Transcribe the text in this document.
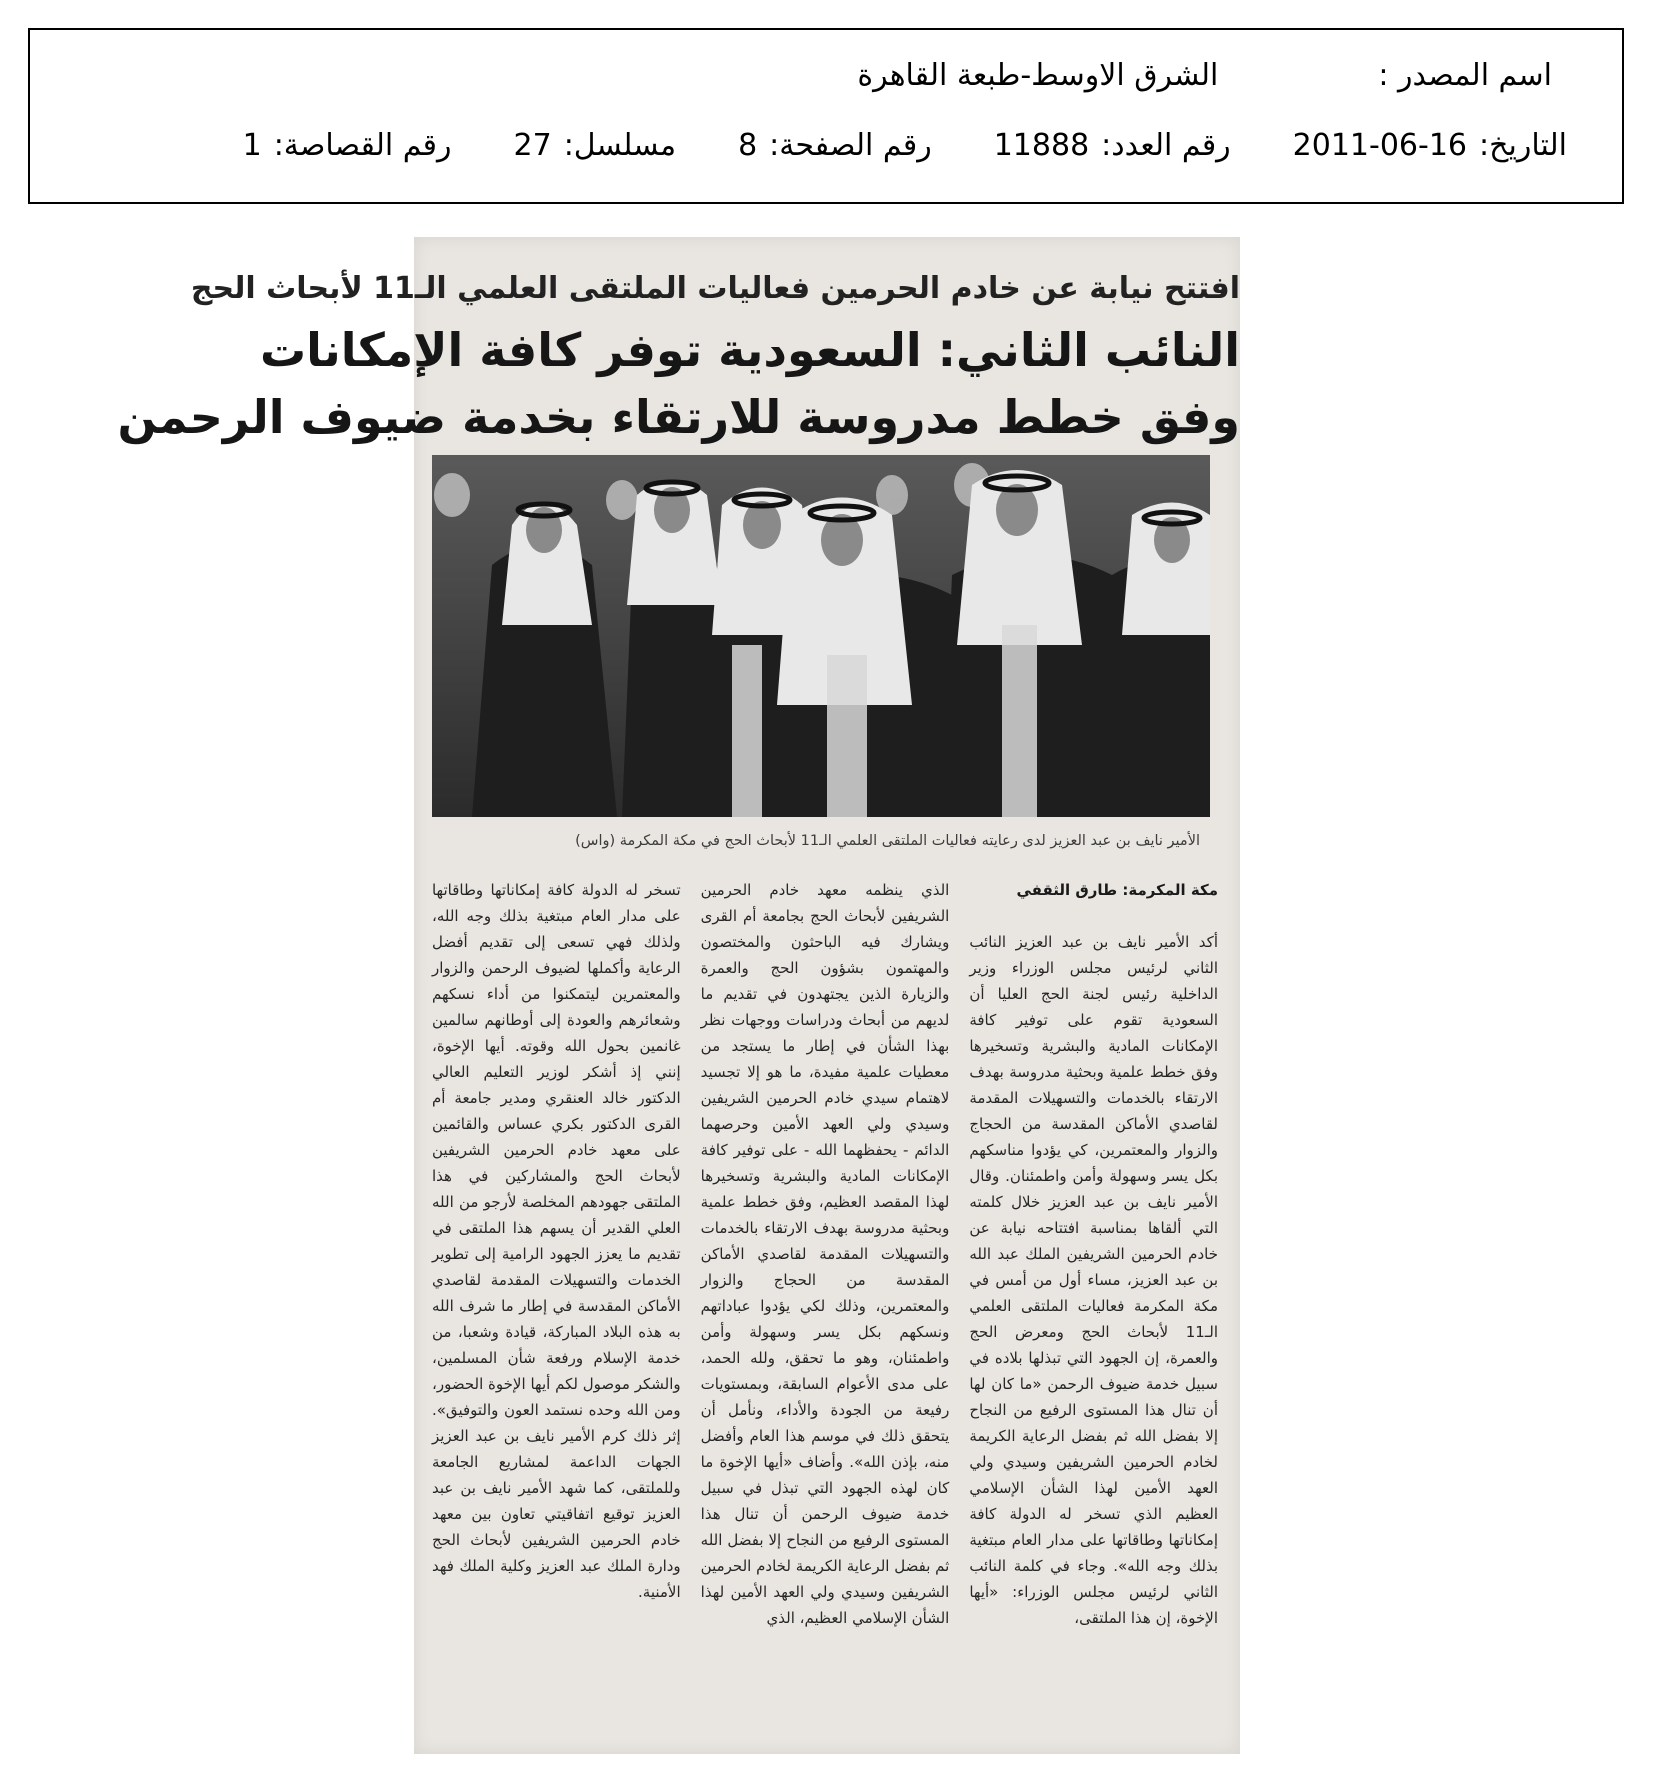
اسم المصدر :
الشرق الاوسط-طبعة القاهرة
التاريخ:
2011-06-16
رقم العدد:
11888
رقم الصفحة:
8
مسلسل:
27
رقم القصاصة:
1
افتتح نيابة عن خادم الحرمين فعاليات الملتقى العلمي الـ11 لأبحاث الحج
النائب الثاني: السعودية توفر كافة الإمكانات
وفق خطط مدروسة للارتقاء بخدمة ضيوف الرحمن
الأمير نايف بن عبد العزيز لدى رعايته فعاليات الملتقى العلمي الـ11 لأبحاث الحج في مكة المكرمة (واس)
مكة المكرمة: طارق الثقفي

أكد الأمير نايف بن عبد العزيز النائب الثاني لرئيس مجلس الوزراء وزير الداخلية رئيس لجنة الحج العليا أن السعودية تقوم على توفير كافة الإمكانات المادية والبشرية وتسخيرها وفق خطط علمية وبحثية مدروسة بهدف الارتقاء بالخدمات والتسهيلات المقدمة لقاصدي الأماكن المقدسة من الحجاج والزوار والمعتمرين، كي يؤدوا مناسكهم بكل يسر وسهولة وأمن واطمئنان. وقال الأمير نايف بن عبد العزيز خلال كلمته التي ألقاها بمناسبة افتتاحه نيابة عن خادم الحرمين الشريفين الملك عبد الله بن عبد العزيز، مساء أول من أمس في مكة المكرمة فعاليات الملتقى العلمي الـ11 لأبحاث الحج ومعرض الحج والعمرة، إن الجهود التي تبذلها بلاده في سبيل خدمة ضيوف الرحمن «ما كان لها أن تنال هذا المستوى الرفيع من النجاح إلا بفضل الله ثم بفضل الرعاية الكريمة لخادم الحرمين الشريفين وسيدي ولي العهد الأمين لهذا الشأن الإسلامي العظيم الذي تسخر له الدولة كافة إمكاناتها وطاقاتها على مدار العام مبتغية بذلك وجه الله». وجاء في كلمة النائب الثاني لرئيس مجلس الوزراء: «أيها الإخوة، إن هذا الملتقى،

الذي ينظمه معهد خادم الحرمين الشريفين لأبحاث الحج بجامعة أم القرى ويشارك فيه الباحثون والمختصون والمهتمون بشؤون الحج والعمرة والزيارة الذين يجتهدون في تقديم ما لديهم من أبحاث ودراسات ووجهات نظر بهذا الشأن في إطار ما يستجد من معطيات علمية مفيدة، ما هو إلا تجسيد لاهتمام سيدي خادم الحرمين الشريفين وسيدي ولي العهد الأمين وحرصهما الدائم - يحفظهما الله - على توفير كافة الإمكانات المادية والبشرية وتسخيرها لهذا المقصد العظيم، وفق خطط علمية وبحثية مدروسة بهدف الارتقاء بالخدمات والتسهيلات المقدمة لقاصدي الأماكن المقدسة من الحجاج والزوار والمعتمرين، وذلك لكي يؤدوا عباداتهم ونسكهم بكل يسر وسهولة وأمن واطمئنان، وهو ما تحقق، ولله الحمد، على مدى الأعوام السابقة، وبمستويات رفيعة من الجودة والأداء، ونأمل أن يتحقق ذلك في موسم هذا العام وأفضل منه، بإذن الله». وأضاف «أيها الإخوة ما كان لهذه الجهود التي تبذل في سبيل خدمة ضيوف الرحمن أن تنال هذا المستوى الرفيع من النجاح إلا بفضل الله ثم بفضل الرعاية الكريمة لخادم الحرمين الشريفين وسيدي ولي العهد الأمين لهذا الشأن الإسلامي العظيم، الذي

تسخر له الدولة كافة إمكاناتها وطاقاتها على مدار العام مبتغية بذلك وجه الله، ولذلك فهي تسعى إلى تقديم أفضل الرعاية وأكملها لضيوف الرحمن والزوار والمعتمرين ليتمكنوا من أداء نسكهم وشعائرهم والعودة إلى أوطانهم سالمين غانمين بحول الله وقوته. أيها الإخوة، إنني إذ أشكر لوزير التعليم العالي الدكتور خالد العنقري ومدير جامعة أم القرى الدكتور بكري عساس والقائمين على معهد خادم الحرمين الشريفين لأبحاث الحج والمشاركين في هذا الملتقى جهودهم المخلصة لأرجو من الله العلي القدير أن يسهم هذا الملتقى في تقديم ما يعزز الجهود الرامية إلى تطوير الخدمات والتسهيلات المقدمة لقاصدي الأماكن المقدسة في إطار ما شرف الله به هذه البلاد المباركة، قيادة وشعبا، من خدمة الإسلام ورفعة شأن المسلمين، والشكر موصول لكم أيها الإخوة الحضور، ومن الله وحده نستمد العون والتوفيق». إثر ذلك كرم الأمير نايف بن عبد العزيز الجهات الداعمة لمشاريع الجامعة وللملتقى، كما شهد الأمير نايف بن عبد العزيز توقيع اتفاقيتي تعاون بين معهد خادم الحرمين الشريفين لأبحاث الحج ودارة الملك عبد العزيز وكلية الملك فهد الأمنية.
